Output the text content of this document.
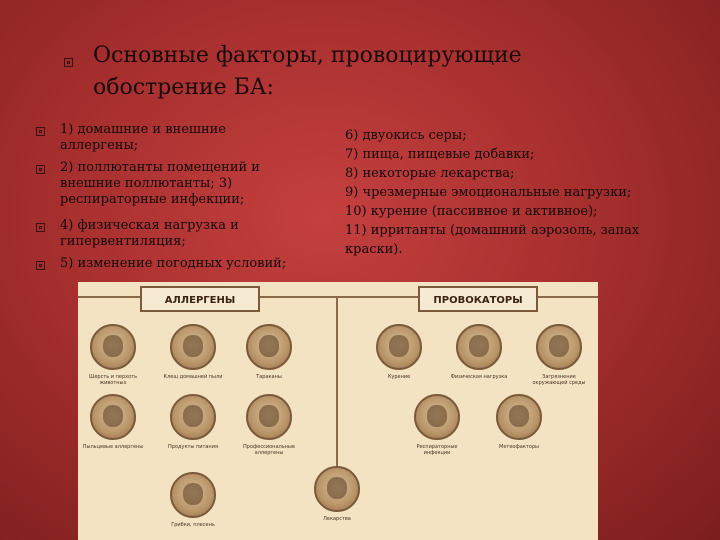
Основные факторы, провоцирующие
обострение БА:
1) домашние и внешние
аллергены;
2) поллютанты помещений и
внешние поллютанты; 3)
респираторные инфекции;
4) физическая нагрузка и
гипервентиляция;
5) изменение погодных условий;
6) двуокись серы;
7) пища, пищевые добавки;
8) некоторые лекарства;
9) чрезмерные эмоциональные нагрузки;
10) курение (пассивное и активное);
11) ирританты (домашний аэрозоль, запах
краски).
АЛЛЕРГЕНЫ	ПРОВОКАТОРЫ
Шерсть и перхоть животных
Клещ домашней пыли	Тараканы
Пыльцевые аллергены	Продукты питания	Профессиональные аллергены
Грибки, плесень
Лекарства
Курение	Физическая нагрузка	Загрязнение окружающей среды
Респираторные инфекции
Метеофакторы
